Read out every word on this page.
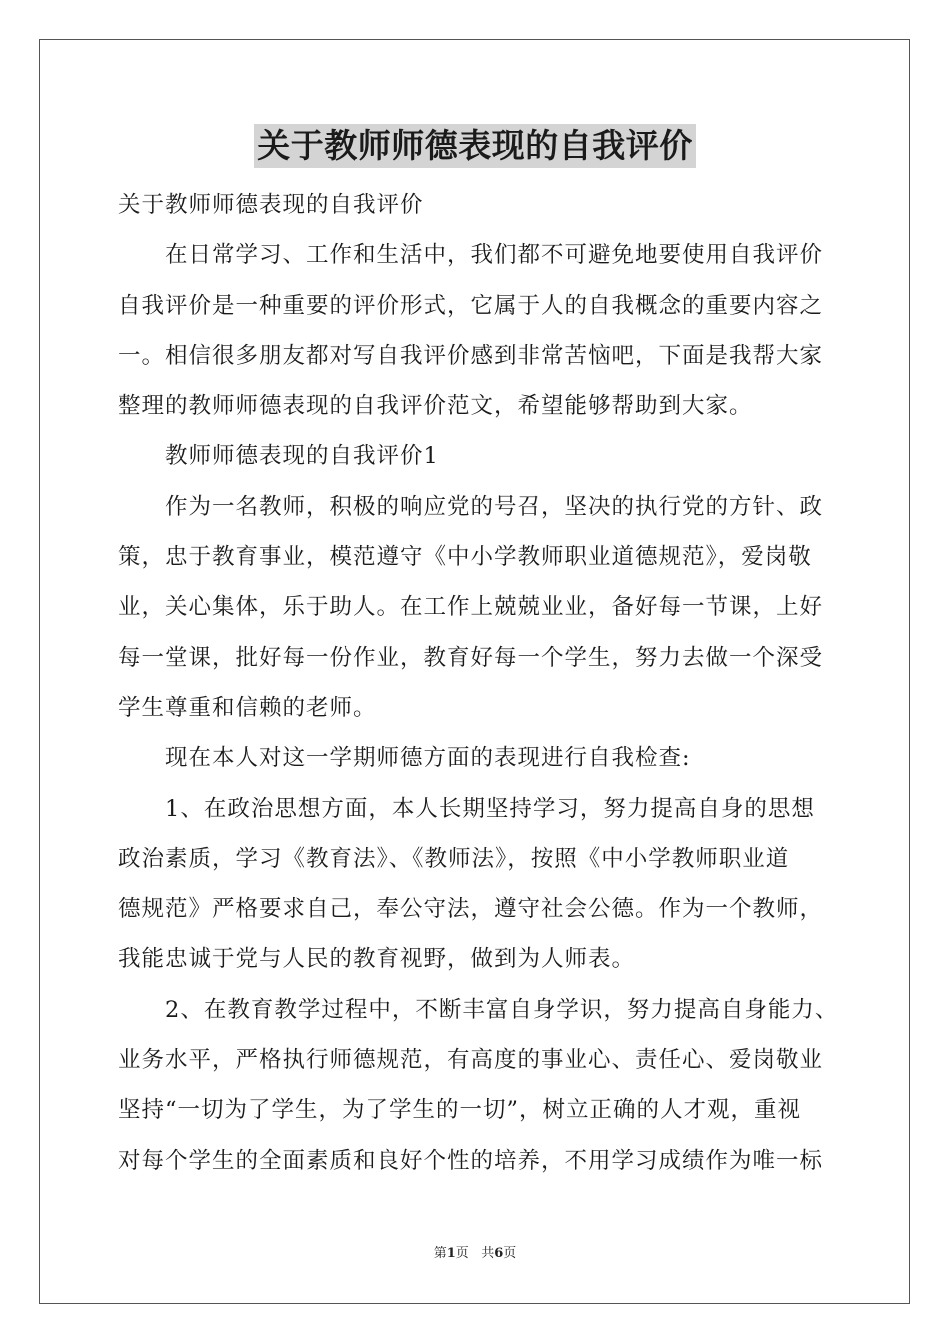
关于教师师德表现的自我评价
关于教师师德表现的自我评价
在日常学习、工作和生活中，我们都不可避免地要使用自我评价
自我评价是一种重要的评价形式，它属于人的自我概念的重要内容之
一。相信很多朋友都对写自我评价感到非常苦恼吧，下面是我帮大家
整理的教师师德表现的自我评价范文，希望能够帮助到大家。
教师师德表现的自我评价1
作为一名教师，积极的响应党的号召，坚决的执行党的方针、政
策，忠于教育事业，模范遵守《中小学教师职业道德规范》，爱岗敬
业，关心集体，乐于助人。在工作上兢兢业业，备好每一节课，上好
每一堂课，批好每一份作业，教育好每一个学生，努力去做一个深受
学生尊重和信赖的老师。
现在本人对这一学期师德方面的表现进行自我检查:
1、在政治思想方面，本人长期坚持学习，努力提高自身的思想
政治素质，学习《教育法》、《教师法》，按照《中小学教师职业道
德规范》严格要求自己，奉公守法，遵守社会公德。作为一个教师，
我能忠诚于党与人民的教育视野，做到为人师表。
2、在教育教学过程中，不断丰富自身学识，努力提高自身能力、
业务水平，严格执行师德规范，有高度的事业心、责任心、爱岗敬业
坚持“一切为了学生，为了学生的一切”，树立正确的人才观，重视
对每个学生的全面素质和良好个性的培养，不用学习成绩作为唯一标
第1页 共6页
